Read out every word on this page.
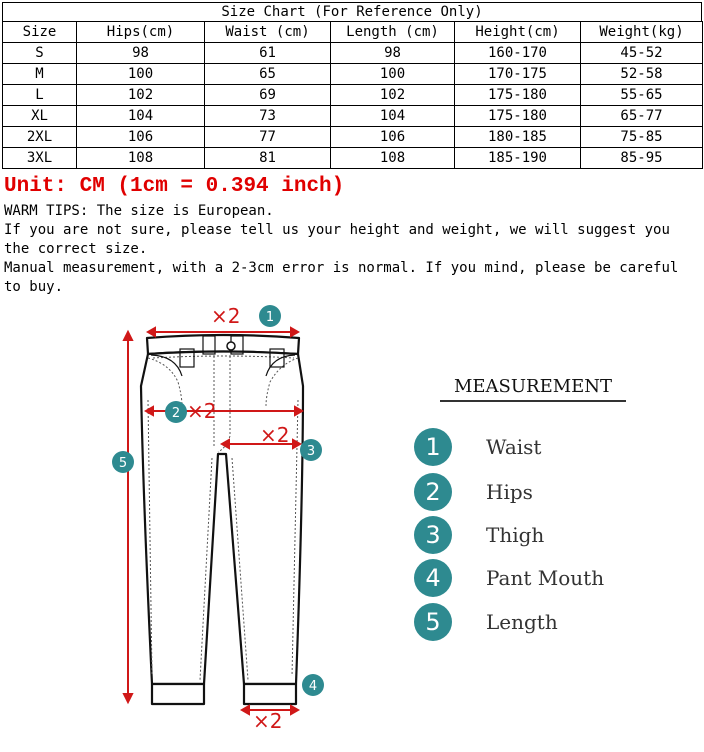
Size Chart (For Reference Only)
Size	Hips(cm)	Waist (cm)	Length (cm)	Height(cm)	Weight(kg)
S	98	61	98	160-170	45-52
M	100	65	100	170-175	52-58
L	102	69	102	175-180	55-65
XL	104	73	104	175-180	65-77
2XL	106	77	106	180-185	75-85
3XL	108	81	108	185-190	85-95
Unit: CM (1cm = 0.394 inch)

WARM TIPS: The size is European.

If you are not sure, please tell us your height and weight, we will suggest you the correct size.

Manual measurement, with a 2-3cm error is normal. If you mind, please be careful to buy.

×2
×2
×2
×2
1
2
3
4
5
MEASUREMENT
1	Waist
2	Hips
3	Thigh
4	Pant Mouth
5	Length
